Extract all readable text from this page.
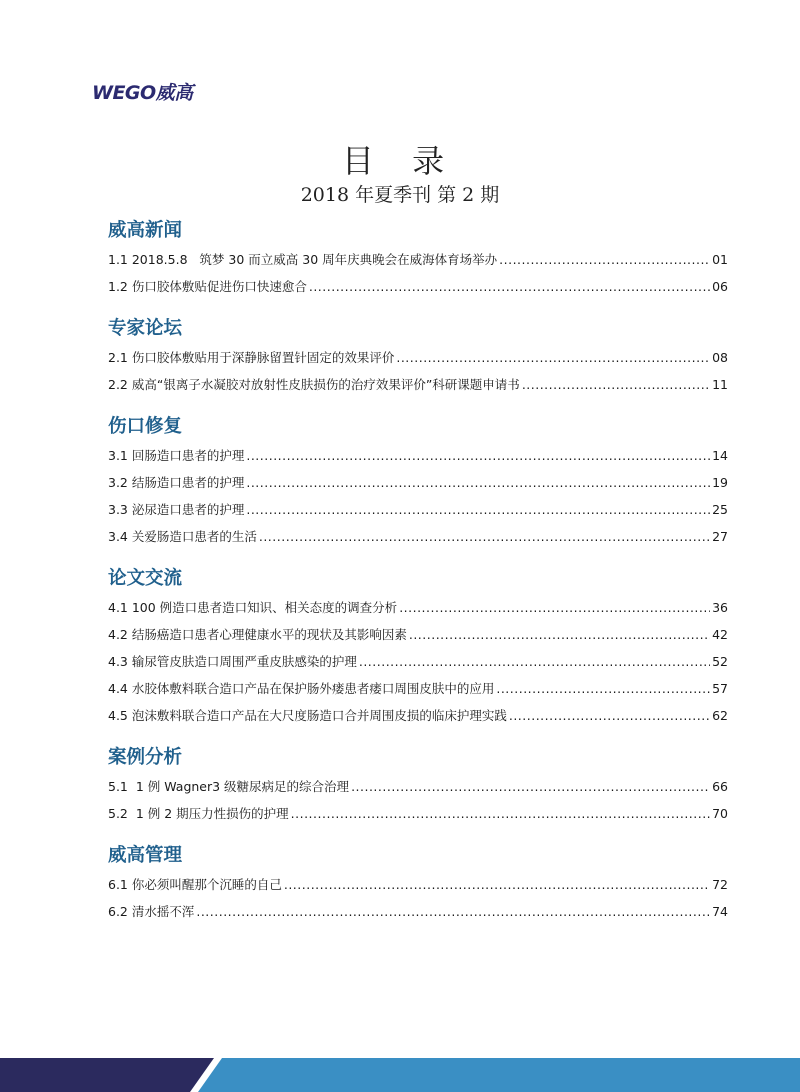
WEGO威高
目 录
2018 年夏季刊 第 2 期
威高新闻
1.1 2018.5.8   筑梦 30 而立威高 30 周年庆典晚会在威海体育场举办 .....	01
1.2 伤口胶体敷贴促进伤口快速愈合 .....	06
专家论坛
2.1 伤口胶体敷贴用于深静脉留置针固定的效果评价 .....	08
2.2 威高“银离子水凝胶对放射性皮肤损伤的治疗效果评价”科研课题申请书 .....	11
伤口修复
3.1 回肠造口患者的护理 .....	14
3.2 结肠造口患者的护理 .....	19
3.3 泌尿造口患者的护理 .....	25
3.4 关爱肠造口患者的生活 .....	27
论文交流
4.1 100 例造口患者造口知识、相关态度的调查分析 .....	36
4.2 结肠癌造口患者心理健康水平的现状及其影响因素 .....	42
4.3 输尿管皮肤造口周围严重皮肤感染的护理 .....	52
4.4 水胶体敷料联合造口产品在保护肠外瘘患者瘘口周围皮肤中的应用 .....	57
4.5 泡沫敷料联合造口产品在大尺度肠造口合并周围皮损的临床护理实践 .....	62
案例分析
5.1  1 例 Wagner3 级糖尿病足的综合治理 .....	66
5.2  1 例 2 期压力性损伤的护理 .....	70
威高管理
6.1 你必须叫醒那个沉睡的自己 .....	72
6.2 清水摇不浑 .....	74
